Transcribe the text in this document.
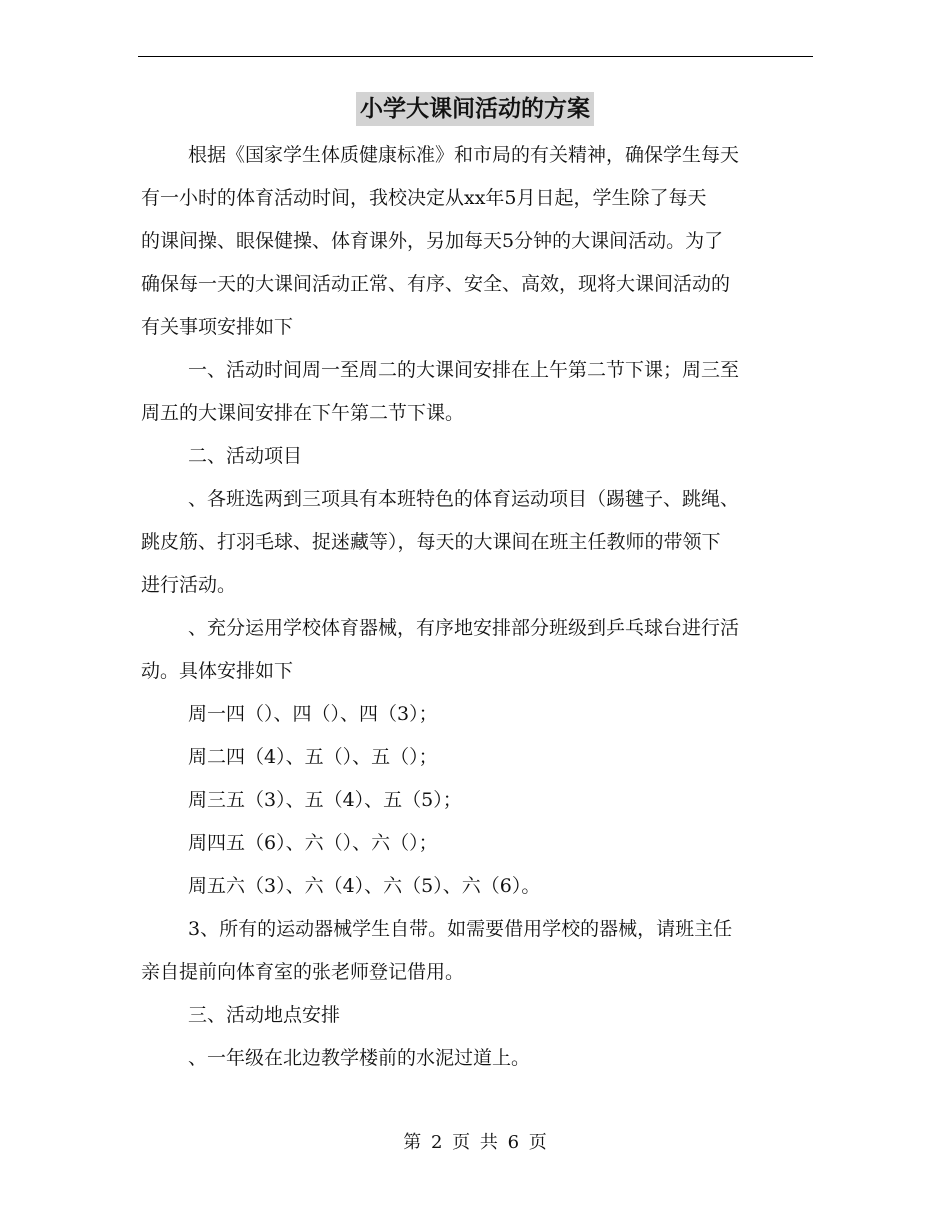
小学大课间活动的方案

根据《国家学生体质健康标准》和市局的有关精神，确保学生每天
有一小时的体育活动时间，我校决定从xx年5月日起，学生除了每天
的课间操、眼保健操、体育课外，另加每天5分钟的大课间活动。为了
确保每一天的大课间活动正常、有序、安全、高效，现将大课间活动的
有关事项安排如下

一、活动时间周一至周二的大课间安排在上午第二节下课；周三至
周五的大课间安排在下午第二节下课。

二、活动项目

、各班选两到三项具有本班特色的体育运动项目（踢毽子、跳绳、
跳皮筋、打羽毛球、捉迷藏等），每天的大课间在班主任教师的带领下
进行活动。

、充分运用学校体育器械，有序地安排部分班级到乒乓球台进行活
动。具体安排如下

周一四（）、四（）、四（3）；

周二四（4）、五（）、五（）；

周三五（3）、五（4）、五（5）；

周四五（6）、六（）、六（）；

周五六（3）、六（4）、六（5）、六（6）。

3、所有的运动器械学生自带。如需要借用学校的器械，请班主任
亲自提前向体育室的张老师登记借用。

三、活动地点安排

、一年级在北边教学楼前的水泥过道上。

第 2 页 共 6 页
